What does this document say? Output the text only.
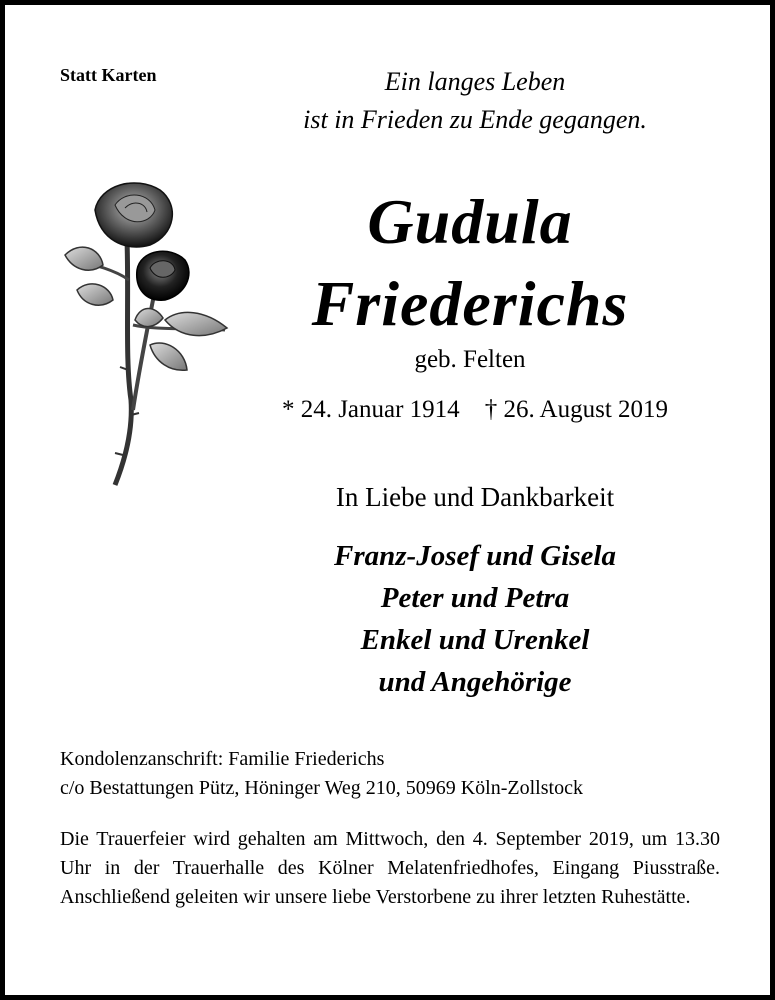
Statt Karten	Ein langes Leben
ist in Frieden zu Ende gegangen.
Gudula
Friederichs
geb. Felten
* 24. Januar 1914 † 26. August 2019
In Liebe und Dankbarkeit
Franz-Josef und Gisela
Peter und Petra
Enkel und Urenkel
und Angehörige
Kondolenzanschrift: Familie Friederichs
c/o Bestattungen Pütz, Höninger Weg 210, 50969 Köln-Zollstock
Die Trauerfeier wird gehalten am Mittwoch, den 4. September 2019, um 13.30 Uhr in der Trauerhalle des Kölner Melatenfriedhofes, Eingang Piusstraße. Anschließend geleiten wir unsere liebe Verstorbene zu ihrer letzten Ruhestätte.
